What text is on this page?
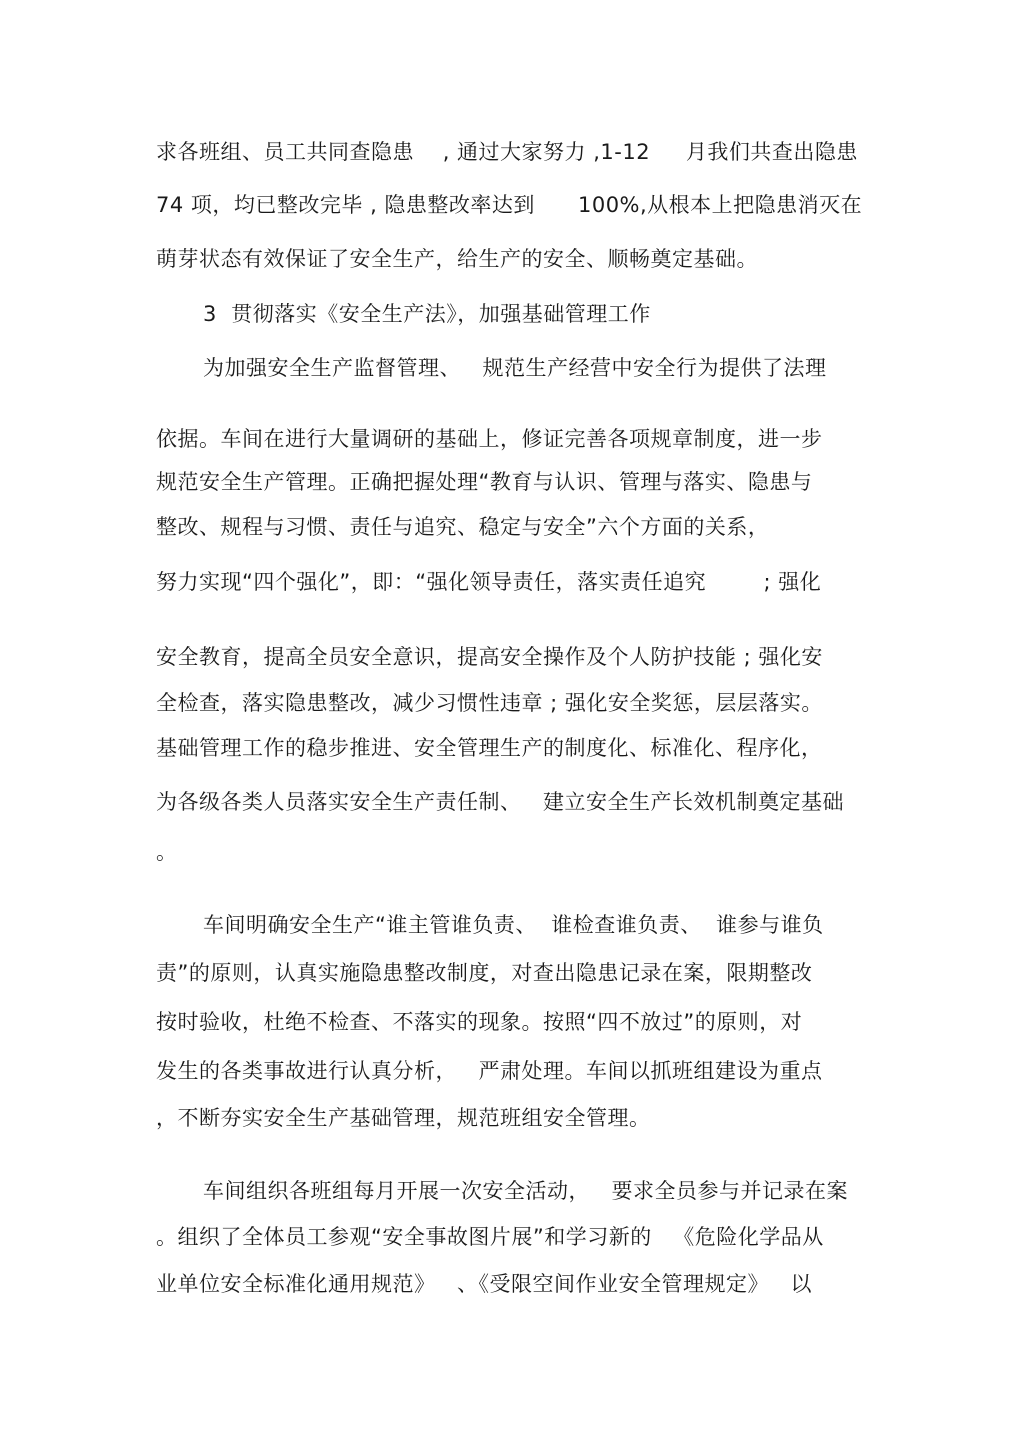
求各班组、员工共同查隐患    , 通过大家努力 ,1-12     月我们共查出隐患
74 项，均已整改完毕 , 隐患整改率达到      100%,从根本上把隐患消灭在
萌芽状态有效保证了安全生产，给生产的安全、顺畅奠定基础。
3  贯彻落实《安全生产法》，加强基础管理工作
为加强安全生产监督管理、   规范生产经营中安全行为提供了法理
依据。车间在进行大量调研的基础上，修证完善各项规章制度，进一步
规范安全生产管理。正确把握处理“教育与认识、管理与落实、隐患与
整改、规程与习惯、责任与追究、稳定与安全”六个方面的关系，
努力实现“四个强化”，即：“强化领导责任，落实责任追究        ; 强化
安全教育，提高全员安全意识，提高安全操作及个人防护技能 ; 强化安
全检查，落实隐患整改，减少习惯性违章 ; 强化安全奖惩，层层落实。
基础管理工作的稳步推进、安全管理生产的制度化、标准化、程序化，
为各级各类人员落实安全生产责任制、   建立安全生产长效机制奠定基础
。
车间明确安全生产“谁主管谁负责、  谁检查谁负责、  谁参与谁负
责”的原则，认真实施隐患整改制度，对查出隐患记录在案，限期整改
按时验收，杜绝不检查、不落实的现象。按照“四不放过”的原则，对
发生的各类事故进行认真分析，   严肃处理。车间以抓班组建设为重点
，不断夯实安全生产基础管理，规范班组安全管理。
车间组织各班组每月开展一次安全活动，   要求全员参与并记录在案
。组织了全体员工参观“安全事故图片展”和学习新的   《危险化学品从
业单位安全标准化通用规范》   、《受限空间作业安全管理规定》   以
